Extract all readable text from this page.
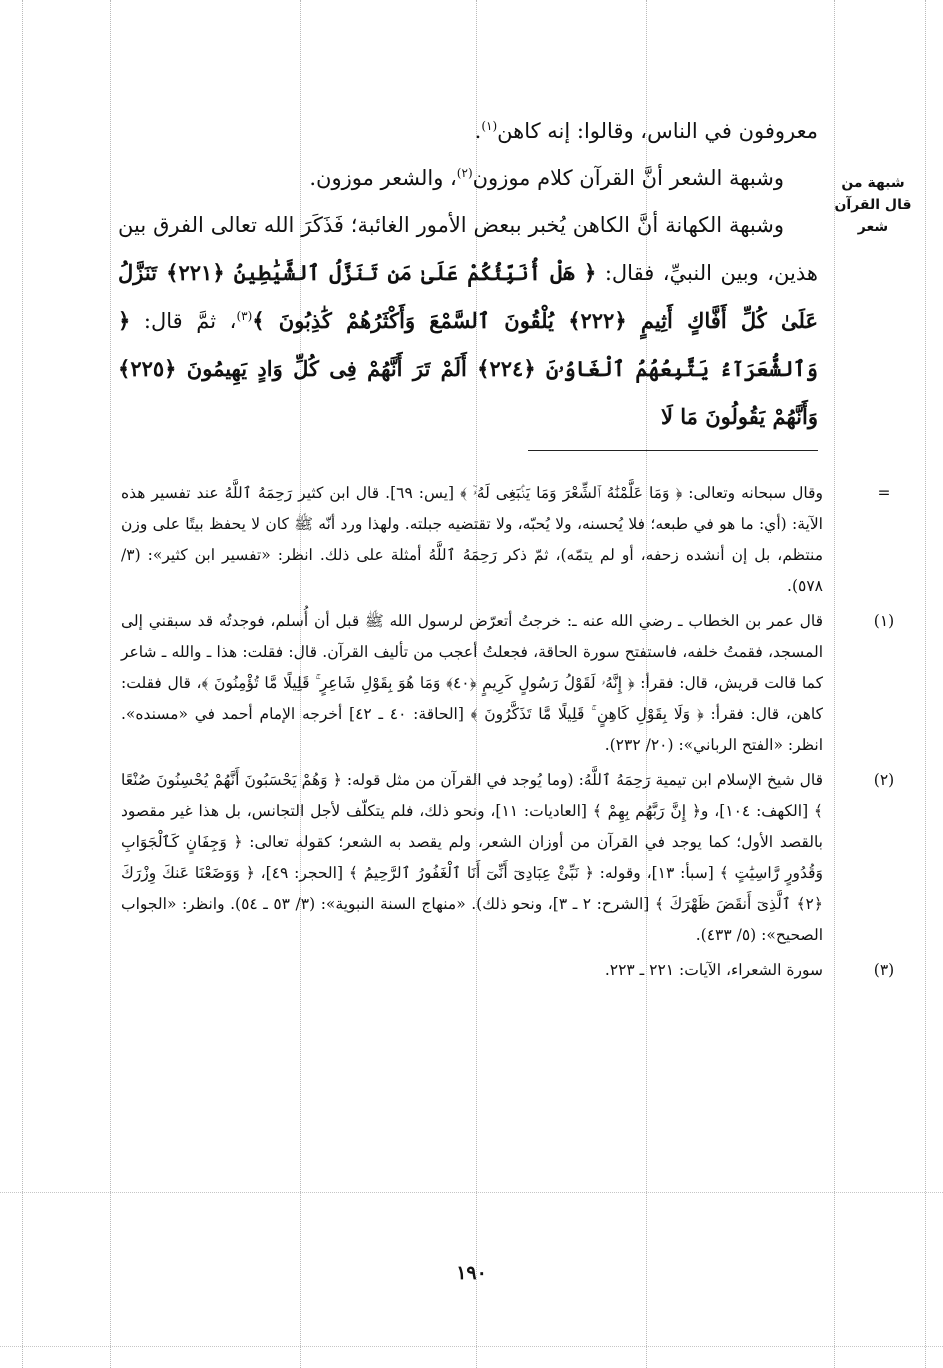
شبهة من قال القرآن شعر

معروفون في الناس، وقالوا: إنه كاهن$^{(١)}$.

وشبهة الشعر أنَّ القرآن كلام موزون$^{(٢)}$، والشعر موزون.

وشبهة الكهانة أنَّ الكاهن يُخبر ببعض الأمور الغائبة؛ فَذَكَرَ الله تعالى الفرق بين هذين، وبين النبيِّ، فقال: ﴿ هَلْ أُنَبِّئُكُمْ عَلَىٰ مَن تَنَزَّلُ ٱلشَّيَٰطِينُ ﴿٢٢١﴾ تَنَزَّلُ عَلَىٰ كُلِّ أَفَّاكٍ أَثِيمٍ ﴿٢٢٢﴾ يُلْقُونَ ٱلسَّمْعَ وَأَكْثَرُهُمْ كَٰذِبُونَ ﴾$^{(٣)}$، ثمَّ قال: ﴿ وَٱلشُّعَرَآءُ يَتَّبِعُهُمُ ٱلْغَاوُۥنَ ﴿٢٢٤﴾ أَلَمْ تَرَ أَنَّهُمْ فِى كُلِّ وَادٍ يَهِيمُونَ ﴿٢٢٥﴾ وَأَنَّهُمْ يَقُولُونَ مَا لَا

=

وقال سبحانه وتعالى: ﴿ وَمَا عَلَّمْنَٰهُ ٱلشِّعْرَ وَمَا يَنۢبَغِى لَهُۥٓ ﴾ [يس: ٦٩]. قال ابن كثير رَحِمَهُ ٱللَّهُ عند تفسير هذه الآية: (أي: ما هو في طبعه؛ فلا يُحسنه، ولا يُحبّه، ولا تقتضيه جبلته. ولهذا ورد أنّه ﷺ كان لا يحفظ بيتًا على وزن منتظم، بل إن أنشده زحفه، أو لم يتمّه)، ثمّ ذكر رَحِمَهُ ٱللَّهُ أمثلة على ذلك. انظر: «تفسير ابن كثير»: (٣/ ٥٧٨).

(١)

قال عمر بن الخطاب ـ رضي الله عنه ـ: خرجتُ أتعرّض لرسول الله ﷺ قبل أن أُسلم، فوجدتُه قد سبقني إلى المسجد، فقمتُ خلفه، فاستفتح سورة الحاقة، فجعلتُ أعجب من تأليف القرآن. قال: فقلت: هذا ـ والله ـ شاعر كما قالت قريش، قال: فقرأ: ﴿ إِنَّهُۥ لَقَوْلُ رَسُولٍ كَرِيمٍ ﴿٤٠﴾ وَمَا هُوَ بِقَوْلِ شَاعِرٍ ۚ قَلِيلًا مَّا تُؤْمِنُونَ ﴾، قال فقلت: كاهن، قال: فقرأ: ﴿ وَلَا بِقَوْلِ كَاهِنٍ ۚ قَلِيلًا مَّا تَذَكَّرُونَ ﴾ [الحاقة: ٤٠ ـ ٤٢] أخرجه الإمام أحمد في «مسنده». انظر: «الفتح الرباني»: (٢٠/ ٢٣٢).

(٢)

قال شيخ الإسلام ابن تيمية رَحِمَهُ ٱللَّهُ: (وما يُوجد في القرآن من مثل قوله: ﴿ وَهُمْ يَحْسَبُونَ أَنَّهُمْ يُحْسِنُونَ صُنْعًا ﴾ [الكهف: ١٠٤]، و﴿ إِنَّ رَبَّهُم بِهِمْ ﴾ [العاديات: ١١]، ونحو ذلك، فلم يتكلّف لأجل التجانس، بل هذا غير مقصود بالقصد الأول؛ كما يوجد في القرآن من أوزان الشعر، ولم يقصد به الشعر؛ كقوله تعالى: ﴿ وَجِفَانٍ كَٱلْجَوَابِ وَقُدُورٍ رَّاسِيَٰتٍ ﴾ [سبأ: ١٣]، وقوله: ﴿ نَبِّئْ عِبَادِىٓ أَنِّىٓ أَنَا ٱلْغَفُورُ ٱلرَّحِيمُ ﴾ [الحجر: ٤٩]، ﴿ وَوَضَعْنَا عَنكَ وِزْرَكَ ﴿٢﴾ ٱلَّذِىٓ أَنقَضَ ظَهْرَكَ ﴾ [الشرح: ٢ ـ ٣]، ونحو ذلك). «منهاج السنة النبوية»: (٣/ ٥٣ ـ ٥٤). وانظر: «الجواب الصحيح»: (٥/ ٤٣٣).

(٣)

سورة الشعراء، الآيات: ٢٢١ ـ ٢٢٣.

١٩٠
